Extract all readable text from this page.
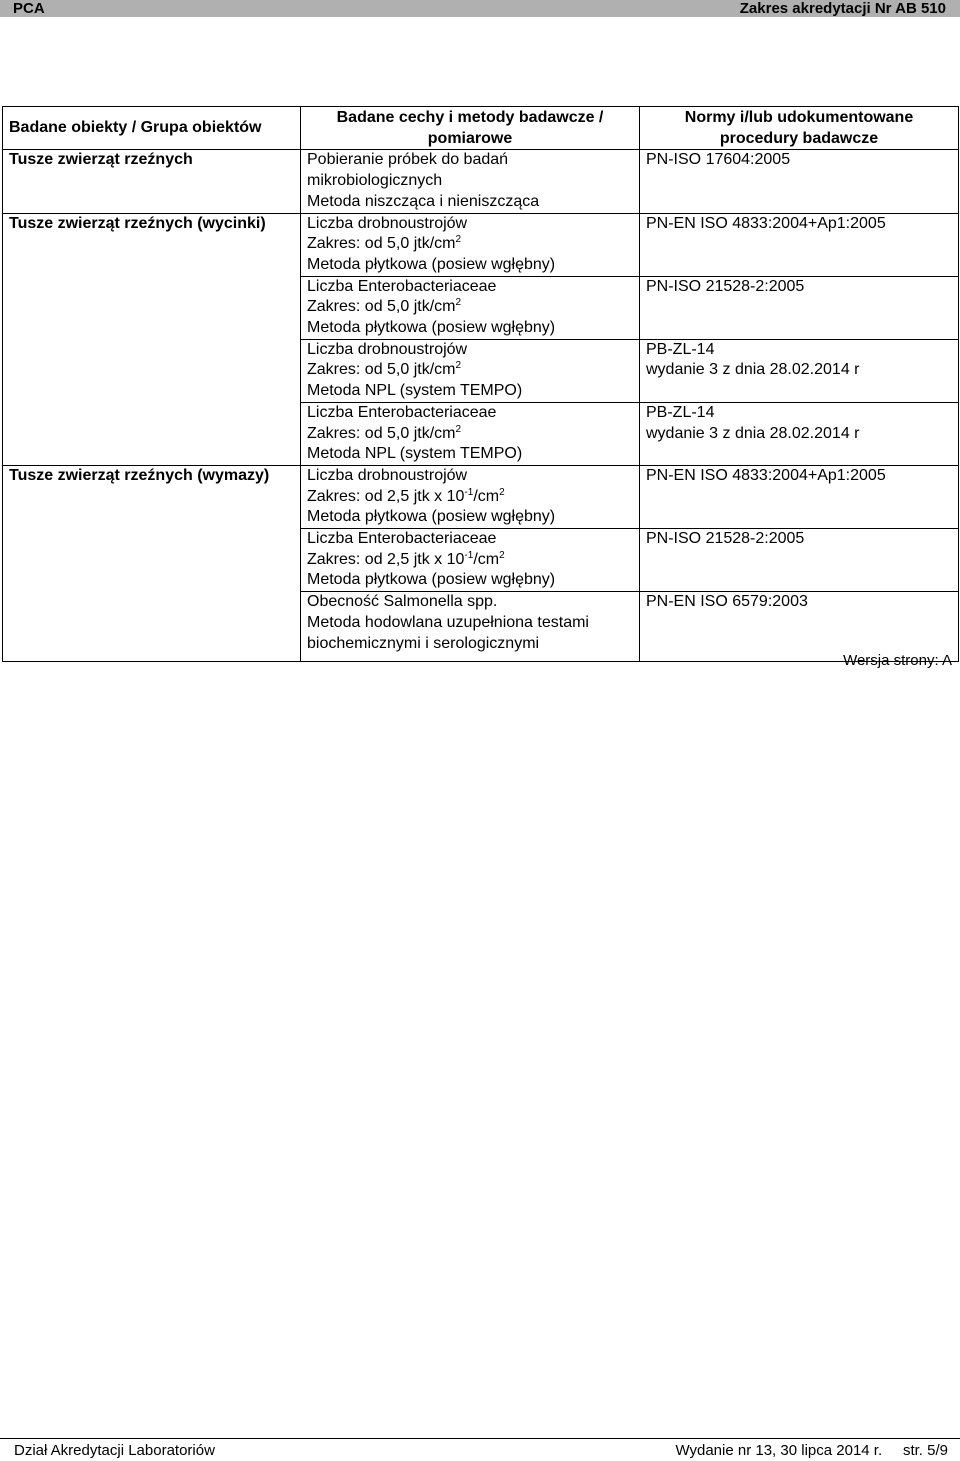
PCA	Zakres akredytacji Nr AB 510
Badane obiekty / Grupa obiektów	Badane cechy i metody badawcze / pomiarowe	Normy i/lub udokumentowane procedury badawcze
Tusze zwierząt rzeźnych	Pobieranie próbek do badań
mikrobiologicznych
Metoda niszcząca i nieniszcząca	PN-ISO 17604:2005

Tusze zwierząt rzeźnych (wycinki)	Liczba drobnoustrojów
Zakres: od 5,0 jtk/$cm^2$
Metoda płytkowa (posiew wgłębny)	PN-EN ISO 4833:2004+Ap1:2005

	Liczba Enterobacteriaceae
Zakres: od 5,0 jtk/$cm^2$
Metoda płytkowa (posiew wgłębny)	PN-ISO 21528-2:2005

	Liczba drobnoustrojów
Zakres: od 5,0 jtk/$cm^2$
Metoda NPL (system TEMPO)	PB-ZL-14
wydanie 3 z dnia 28.02.2014 r

	Liczba Enterobacteriaceae
Zakres: od 5,0 jtk/$cm^2$
Metoda NPL (system TEMPO)	PB-ZL-14
wydanie 3 z dnia 28.02.2014 r

Tusze zwierząt rzeźnych (wymazy)	Liczba drobnoustrojów
Zakres: od 2,5 jtk x $10^{-1}/cm^2$
Metoda płytkowa (posiew wgłębny)	PN-EN ISO 4833:2004+Ap1:2005

	Liczba Enterobacteriaceae
Zakres: od 2,5 jtk x $10^{-1}/cm^2$
Metoda płytkowa (posiew wgłębny)	PN-ISO 21528-2:2005

	Obecność Salmonella spp.
Metoda hodowlana uzupełniona testami
biochemicznymi i serologicznymi	PN-EN ISO 6579:2003
Wersja strony: A
Dział Akredytacji Laboratoriów	Wydanie nr 13, 30 lipca 2014 r.     str. 5/9
